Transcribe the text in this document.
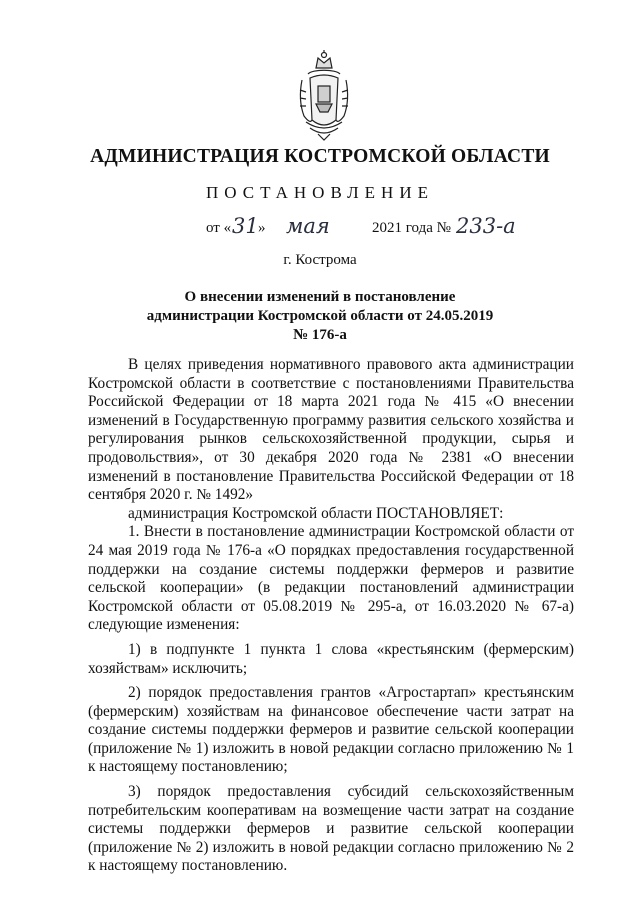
АДМИНИСТРАЦИЯ КОСТРОМСКОЙ ОБЛАСТИ
ПОСТАНОВЛЕНИЕ
от « 31 » мая	2021 года № 233-а
г. Кострома
О внесении изменений в постановление администрации Костромской области от 24.05.2019 № 176-а

В целях приведения нормативного правового акта администрации Костромской области в соответствие с постановлениями Правительства Российской Федерации от 18 марта 2021 года № 415 «О внесении изменений в Государственную программу развития сельского хозяйства и регулирования рынков сельскохозяйственной продукции, сырья и продовольствия», от 30 декабря 2020 года № 2381 «О внесении изменений в постановление Правительства Российской Федерации от 18 сентября 2020 г. № 1492»

администрация Костромской области ПОСТАНОВЛЯЕТ:

1. Внести в постановление администрации Костромской области от 24 мая 2019 года № 176-а «О порядках предоставления государственной поддержки на создание системы поддержки фермеров и развитие сельской кооперации» (в редакции постановлений администрации Костромской области от 05.08.2019 № 295-а, от 16.03.2020 № 67-а) следующие изменения:

1) в подпункте 1 пункта 1 слова «крестьянским (фермерским) хозяйствам» исключить;

2) порядок предоставления грантов «Агростартап» крестьянским (фермерским) хозяйствам на финансовое обеспечение части затрат на создание системы поддержки фермеров и развитие сельской кооперации (приложение № 1) изложить в новой редакции согласно приложению № 1 к настоящему постановлению;

3) порядок предоставления субсидий сельскохозяйственным потребительским кооперативам на возмещение части затрат на создание системы поддержки фермеров и развитие сельской кооперации (приложение № 2) изложить в новой редакции согласно приложению № 2 к настоящему постановлению.
